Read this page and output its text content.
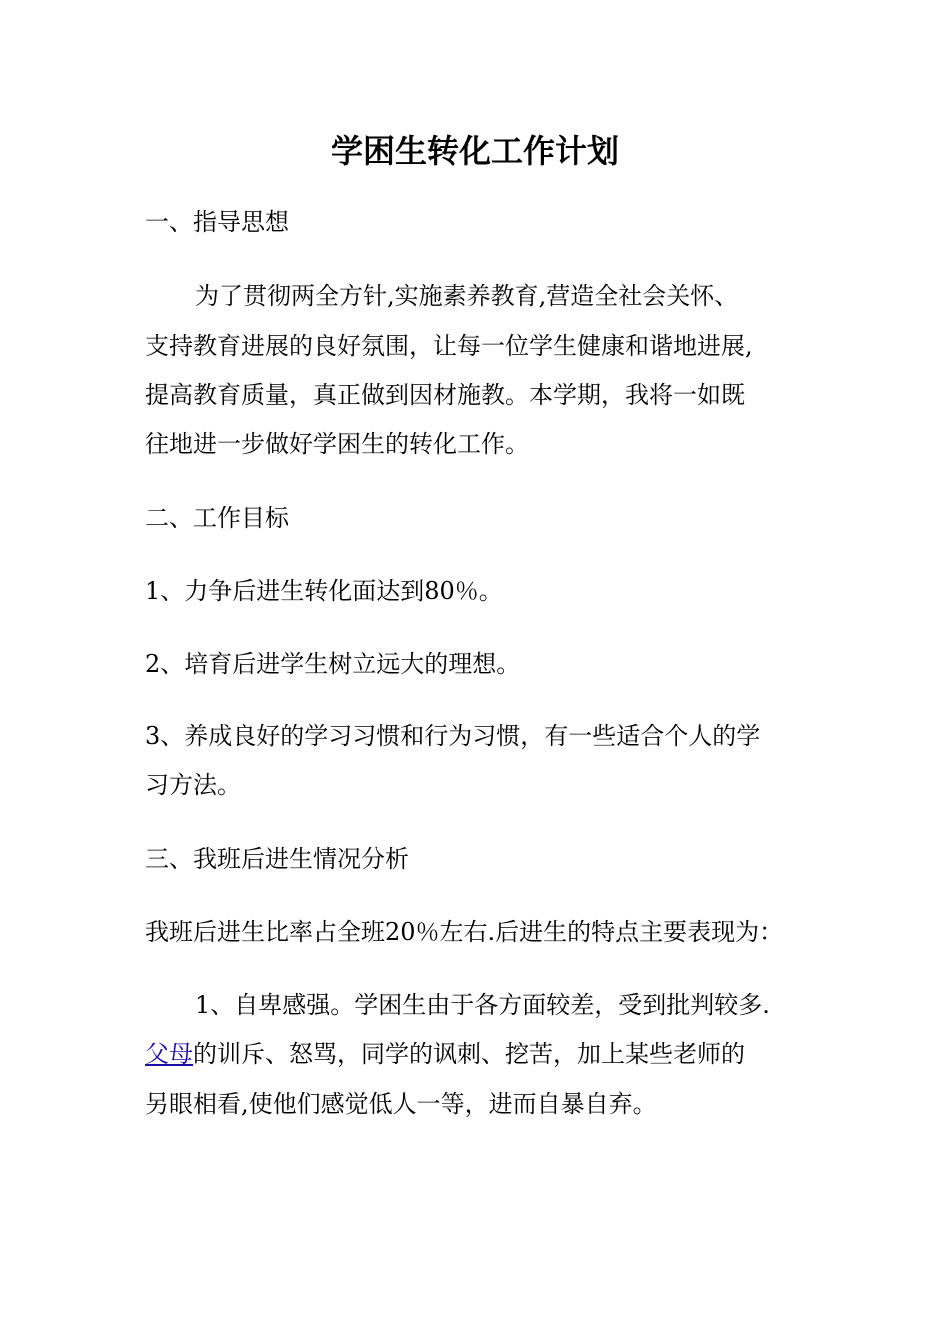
学困生转化工作计划

一、指导思想

为了贯彻两全方针,实施素养教育,营造全社会关怀、

支持教育进展的良好氛围，让每一位学生健康和谐地进展,

提高教育质量，真正做到因材施教。本学期，我将一如既

往地进一步做好学困生的转化工作。

二、工作目标

1、力争后进生转化面达到80％。

2、培育后进学生树立远大的理想。

3、养成良好的学习习惯和行为习惯，有一些适合个人的学

习方法。

三、我班后进生情况分析

我班后进生比率占全班20％左右.后进生的特点主要表现为：

1、自卑感强。学困生由于各方面较差，受到批判较多.

父母的训斥、怒骂，同学的讽刺、挖苦，加上某些老师的

另眼相看,使他们感觉低人一等，进而自暴自弃。
